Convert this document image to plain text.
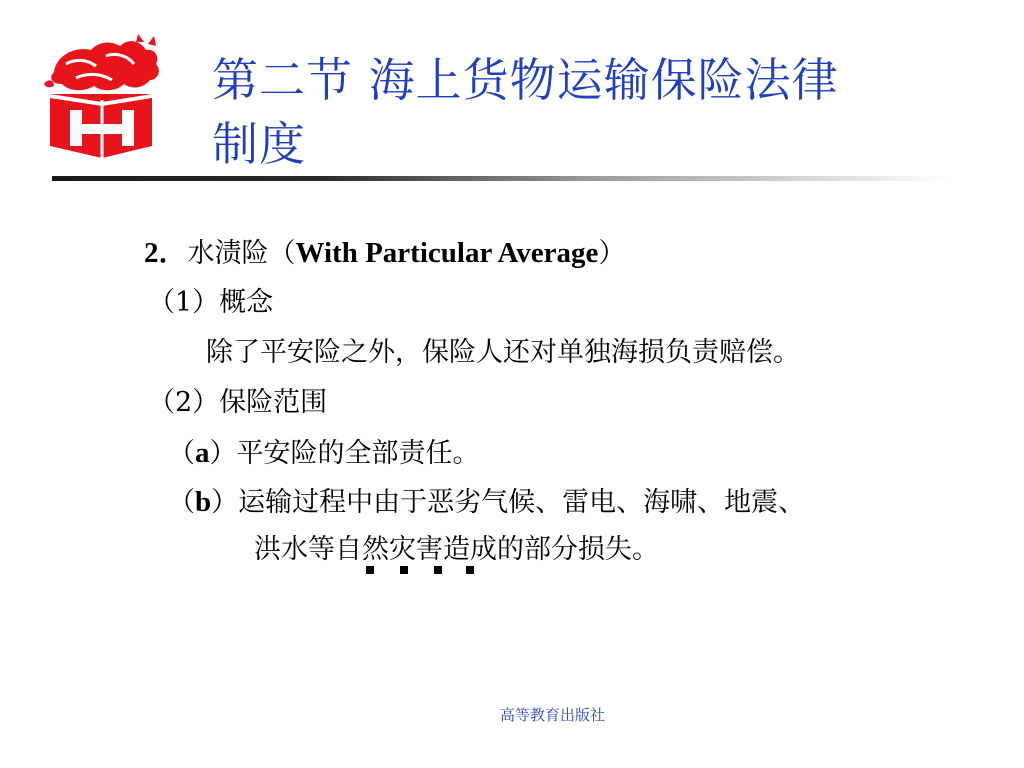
第二节 海上货物运输保险法律
制度
2．水渍险（With Particular Average）
（1）概念
除了平安险之外，保险人还对单独海损负责赔偿。
（2）保险范围
（a）平安险的全部责任。
（b）运输过程中由于恶劣气候、雷电、海啸、地震、
洪水等自然灾害造成的部分损失。
高等教育出版社
